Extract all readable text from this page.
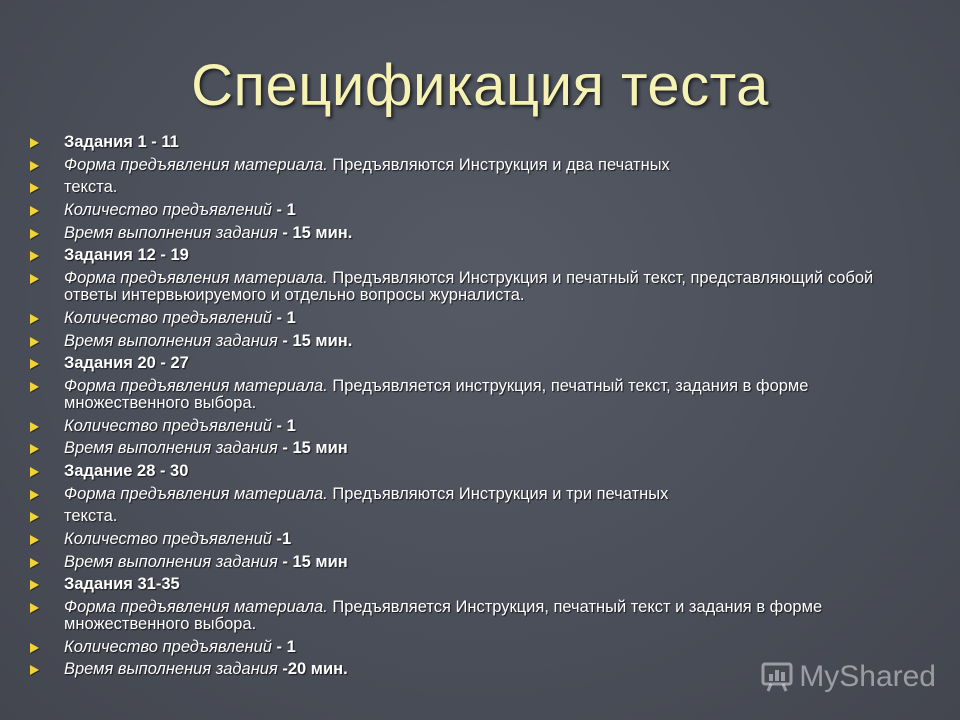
Спецификация теста
Задания 1 - 11
Форма предъявления материала. Предъявляются Инструкция и два печатных
текста.
Количество предъявлений - 1
Время выполнения задания - 15 мин.
Задания 12 - 19
Форма предъявления материала. Предъявляются Инструкция и печатный текст, представляющий собой ответы интервьюируемого и отдельно вопросы журналиста.
Количество предъявлений - 1
Время выполнения задания - 15 мин.
Задания 20 - 27
Форма предъявления материала. Предъявляется инструкция, печатный текст, задания в форме множественного выбора.
Количество предъявлений - 1
Время выполнения задания - 15 мин
Задание 28 - 30
Форма предъявления материала. Предъявляются Инструкция и три печатных
текста.
Количество предъявлений -1
Время выполнения задания - 15 мин
Задания 31-35
Форма предъявления материала. Предъявляется Инструкция, печатный текст и задания в форме множественного выбора.
Количество предъявлений - 1
Время выполнения задания -20 мин.	MyShared
